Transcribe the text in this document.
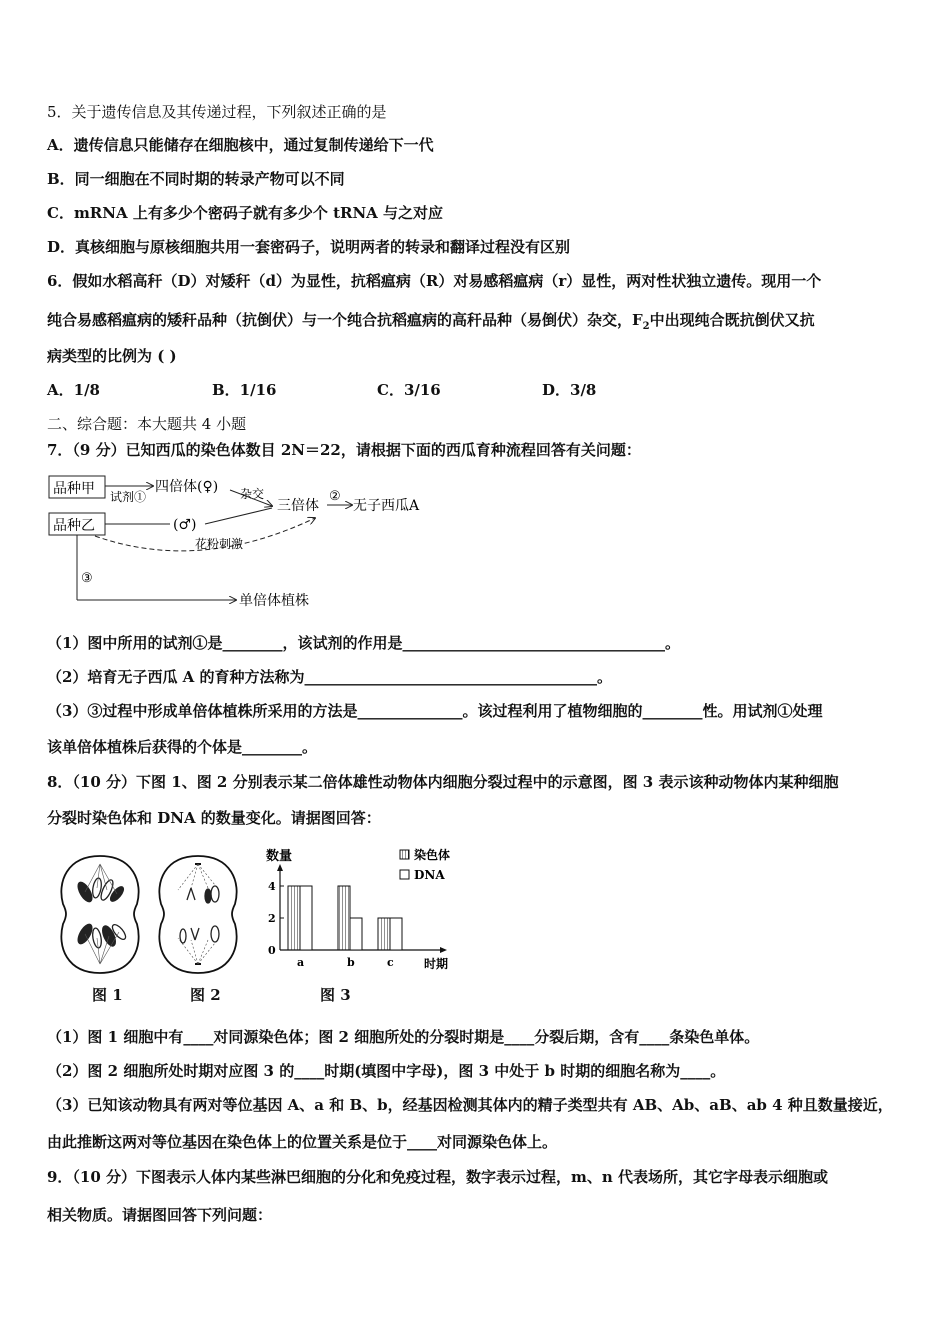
5．关于遗传信息及其传递过程，下列叙述正确的是
A．遗传信息只能储存在细胞核中，通过复制传递给下一代
B．同一细胞在不同时期的转录产物可以不同
C．mRNA 上有多少个密码子就有多少个 tRNA 与之对应
D．真核细胞与原核细胞共用一套密码子，说明两者的转录和翻译过程没有区别
6．假如水稻高秆（D）对矮秆（d）为显性，抗稻瘟病（R）对易感稻瘟病（r）显性，两对性状独立遗传。现用一个
纯合易感稻瘟病的矮秆品种（抗倒伏）与一个纯合抗稻瘟病的高秆品种（易倒伏）杂交，$F_2$中出现纯合既抗倒伏又抗
病类型的比例为 ( )
A．1/8	B．1/16	C．3/16	D．3/8
二、综合题：本大题共 4 小题
7．（9 分）已知西瓜的染色体数目 2N＝22，请根据下面的西瓜育种流程回答有关问题：
品种甲
品种乙
试剂①
四倍体(♀)
(♂)
杂交
三倍体
②
无子西瓜A
花粉刺激
③
单倍体植株
（1）图中所用的试剂①是________，该试剂的作用是___________________________________。
（2）培育无子西瓜 A 的育种方法称为_______________________________________。
（3）③过程中形成单倍体植株所采用的方法是______________。该过程利用了植物细胞的________性。用试剂①处理
该单倍体植株后获得的个体是________。
8．（10 分）下图 1、图 2 分别表示某二倍体雄性动物体内细胞分裂过程中的示意图，图 3 表示该种动物体内某种细胞
分裂时染色体和 DNA 的数量变化。请据图回答：
数量
时期
染色体
DNA
a	b	c
0
2
4
图 1	图 2	图 3
（1）图 1 细胞中有____对同源染色体；图 2 细胞所处的分裂时期是____分裂后期，含有____条染色单体。
（2）图 2 细胞所处时期对应图 3 的____时期(填图中字母)，图 3 中处于 b 时期的细胞名称为____。
（3）已知该动物具有两对等位基因 A、a 和 B、b，经基因检测其体内的精子类型共有 AB、Ab、aB、ab 4 种且数量接近，
由此推断这两对等位基因在染色体上的位置关系是位于____对同源染色体上。
9．（10 分）下图表示人体内某些淋巴细胞的分化和免疫过程，数字表示过程，m、n 代表场所，其它字母表示细胞或
相关物质。请据图回答下列问题：
